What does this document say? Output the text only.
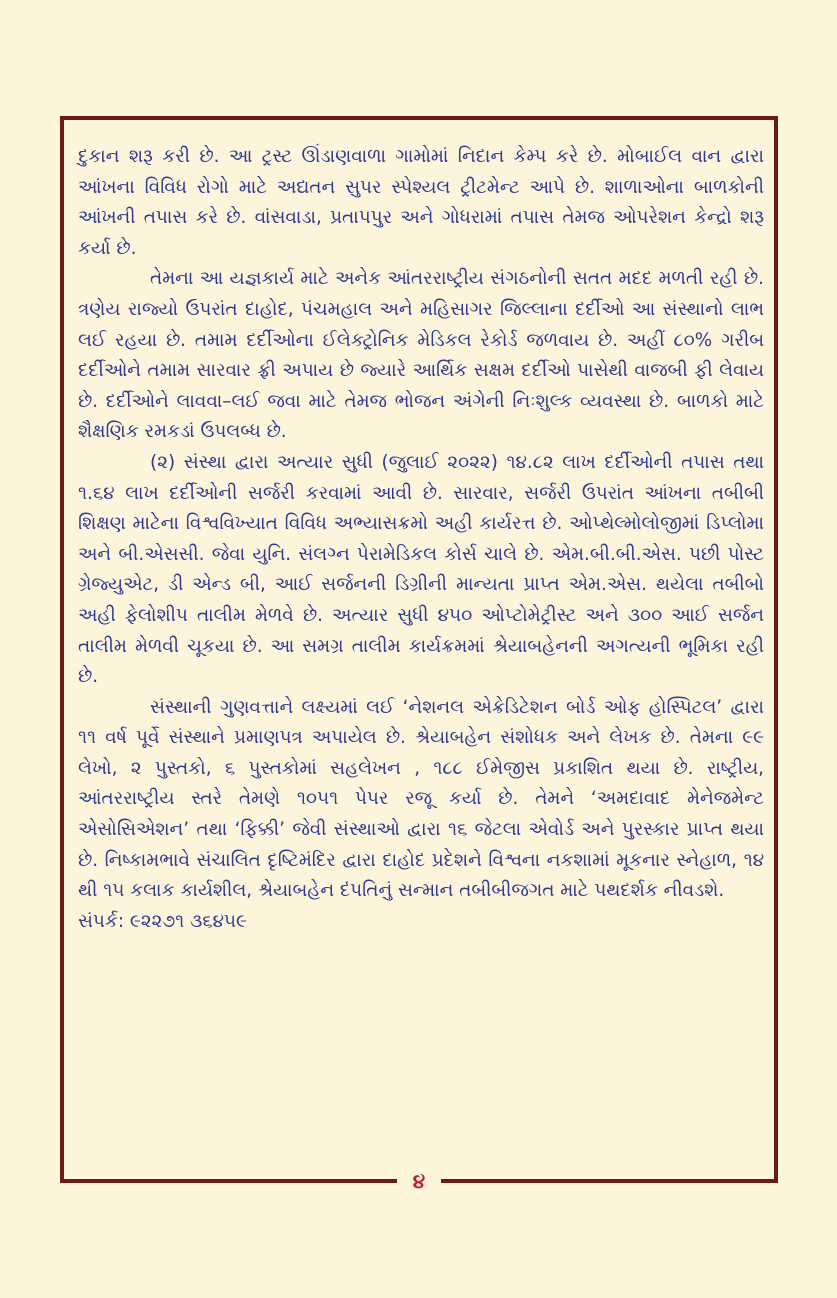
૪

દુકાન શરૂ કરી છે. આ ટ્રસ્ટ ઊંડાણવાળા ગામોમાં નિદાન કેમ્પ કરે છે. મોબાઈલ વાન દ્વારા આંખના વિવિધ રોગો માટે અદ્યતન સુપર સ્પેશ્યલ ટ્રીટમેન્ટ આપે છે. શાળાઓના બાળકોની આંખની તપાસ કરે છે. વાંસવાડા, પ્રતાપપુર અને ગોધરામાં તપાસ તેમજ ઓપરેશન કેન્દ્રો શરૂ કર્યા છે.

તેમના આ યજ્ઞકાર્ય માટે અનેક આંતરરાષ્ટ્રીય સંગઠનોની સતત મદદ મળતી રહી છે. ત્રણેય રાજ્યો ઉપરાંત દાહોદ, પંચમહાલ અને મહિસાગર જિલ્લાના દર્દીઓ આ સંસ્થાનો લાભ લઈ રહયા છે. તમામ દર્દીઓના ઈલેક્ટ્રોનિક મેડિકલ રેકોર્ડ જળવાય છે. અહીં ૮૦% ગરીબ દર્દીઓને તમામ સારવાર ફ્રી અપાય છે જ્યારે આર્થિક સક્ષમ દર્દીઓ પાસેથી વાજબી ફી લેવાય છે. દર્દીઓને લાવવા–લઈ જવા માટે તેમજ ભોજન અંગેની નિઃશુલ્ક વ્યવસ્થા છે. બાળકો માટે શૈક્ષણિક રમકડાં ઉપલબ્ધ છે.

(૨) સંસ્થા દ્વારા અત્યાર સુધી (જુલાઈ ૨૦૨૨) ૧૪.૮૨ લાખ દર્દીઓની તપાસ તથા ૧.૬૪ લાખ દર્દીઓની સર્જરી કરવામાં આવી છે. સારવાર, સર્જરી ઉપરાંત આંખના તબીબી શિક્ષણ માટેના વિશ્વવિખ્યાત વિવિધ અભ્યાસક્રમો અહી કાર્યરત્ત છે. ઓપ્થેલ્મોલોજીમાં ડિપ્લોમા અને બી.એસસી. જેવા યુનિ. સંલગ્ન પેરામેડિકલ કોર્સ ચાલે છે. એમ.બી.બી.એસ. પછી પોસ્ટ ગ્રેજ્યુએટ, ડી એન્ડ બી, આઈ સર્જનની ડિગ્રીની માન્યતા પ્રાપ્ત એમ.એસ. થયેલા તબીબો અહી ફેલોશીપ તાલીમ મેળવે છે. અત્યાર સુધી ૪૫૦ ઓપ્ટોમેટ્રીસ્ટ અને ૩૦૦ આઈ સર્જન તાલીમ મેળવી ચૂકયા છે. આ સમગ્ર તાલીમ કાર્યક્રમમાં શ્રેયાબહેનની અગત્યની ભૂમિકા રહી છે.

સંસ્થાની ગુણવત્તાને લક્ષ્યમાં લઈ ‘નેશનલ એક્રેડિટેશન બોર્ડ ઓફ હોસ્પિટલ’ દ્વારા ૧૧ વર્ષ પૂર્વે સંસ્થાને પ્રમાણપત્ર અપાયેલ છે. શ્રેયાબહેન સંશોધક અને લેખક છે. તેમના ૯૯ લેખો, ૨ પુસ્તકો, ૬ પુસ્તકોમાં સહલેખન , ૧૮૮ ઈમેજીસ પ્રકાશિત થયા છે. રાષ્ટ્રીય, આંતરરાષ્ટ્રીય સ્તરે તેમણે ૧૦૫૧ પેપર રજૂ કર્યા છે. તેમને ‘અમદાવાદ મેનેજમેન્ટ એસોસિએશન’ તથા ‘ફિક્કી’ જેવી સંસ્થાઓ દ્વારા ૧૬ જેટલા એવોર્ડ અને પુરસ્કાર પ્રાપ્ત થયા છે. નિષ્કામભાવે સંચાલિત દૃષ્ટિમંદિર દ્વારા દાહોદ પ્રદેશને વિશ્વના નકશામાં મૂકનાર સ્નેહાળ, ૧૪ થી ૧૫ કલાક કાર્યશીલ, શ્રેયાબહેન દંપતિનું સન્માન તબીબીજગત માટે પથદર્શક નીવડશે.

સંપર્ક: ૯૨૨૭૧ ૩૬૪૫૯
